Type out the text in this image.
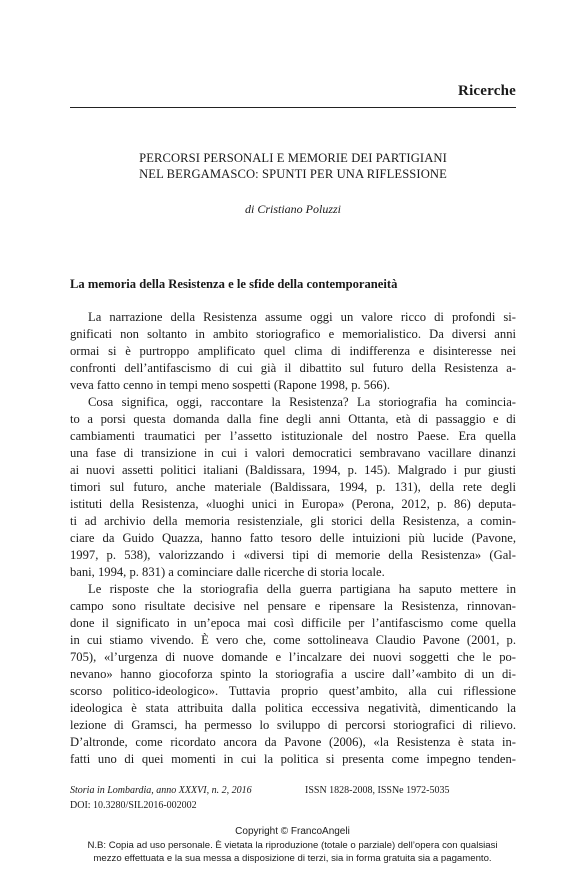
Ricerche
PERCORSI PERSONALI E MEMORIE DEI PARTIGIANI
NEL BERGAMASCO: SPUNTI PER UNA RIFLESSIONE
di Cristiano Poluzzi
La memoria della Resistenza e le sfide della contemporaneità
La narrazione della Resistenza assume oggi un valore ricco di profondi si-
gnificati non soltanto in ambito storiografico e memorialistico. Da diversi anni
ormai si è purtroppo amplificato quel clima di indifferenza e disinteresse nei
confronti dell’antifascismo di cui già il dibattito sul futuro della Resistenza a-
veva fatto cenno in tempi meno sospetti (Rapone 1998, p. 566).
Cosa significa, oggi, raccontare la Resistenza? La storiografia ha comincia-
to a porsi questa domanda dalla fine degli anni Ottanta, età di passaggio e di
cambiamenti traumatici per l’assetto istituzionale del nostro Paese. Era quella
una fase di transizione in cui i valori democratici sembravano vacillare dinanzi
ai nuovi assetti politici italiani (Baldissara, 1994, p. 145). Malgrado i pur giusti
timori sul futuro, anche materiale (Baldissara, 1994, p. 131), della rete degli
istituti della Resistenza, «luoghi unici in Europa» (Perona, 2012, p. 86) deputa-
ti ad archivio della memoria resistenziale, gli storici della Resistenza, a comin-
ciare da Guido Quazza, hanno fatto tesoro delle intuizioni più lucide (Pavone,
1997, p. 538), valorizzando i «diversi tipi di memorie della Resistenza» (Gal-
bani, 1994, p. 831) a cominciare dalle ricerche di storia locale.
Le risposte che la storiografia della guerra partigiana ha saputo mettere in
campo sono risultate decisive nel pensare e ripensare la Resistenza, rinnovan-
done il significato in un’epoca mai così difficile per l’antifascismo come quella
in cui stiamo vivendo. È vero che, come sottolineava Claudio Pavone (2001, p.
705), «l’urgenza di nuove domande e l’incalzare dei nuovi soggetti che le po-
nevano» hanno giocoforza spinto la storiografia a uscire dall’«ambito di un di-
scorso politico-ideologico». Tuttavia proprio quest’ambito, alla cui riflessione
ideologica è stata attribuita dalla politica eccessiva negatività, dimenticando la
lezione di Gramsci, ha permesso lo sviluppo di percorsi storiografici di rilievo.
D’altronde, come ricordato ancora da Pavone (2006), «la Resistenza è stata in-
fatti uno di quei momenti in cui la politica si presenta come impegno tenden-
Storia in Lombardia, anno XXXVI, n. 2, 2016	ISSN 1828-2008, ISSNe 1972-5035
DOI: 10.3280/SIL2016-002002
Copyright © FrancoAngeli
N.B: Copia ad uso personale. È vietata la riproduzione (totale o parziale) dell’opera con qualsiasi
mezzo effettuata e la sua messa a disposizione di terzi, sia in forma gratuita sia a pagamento.
